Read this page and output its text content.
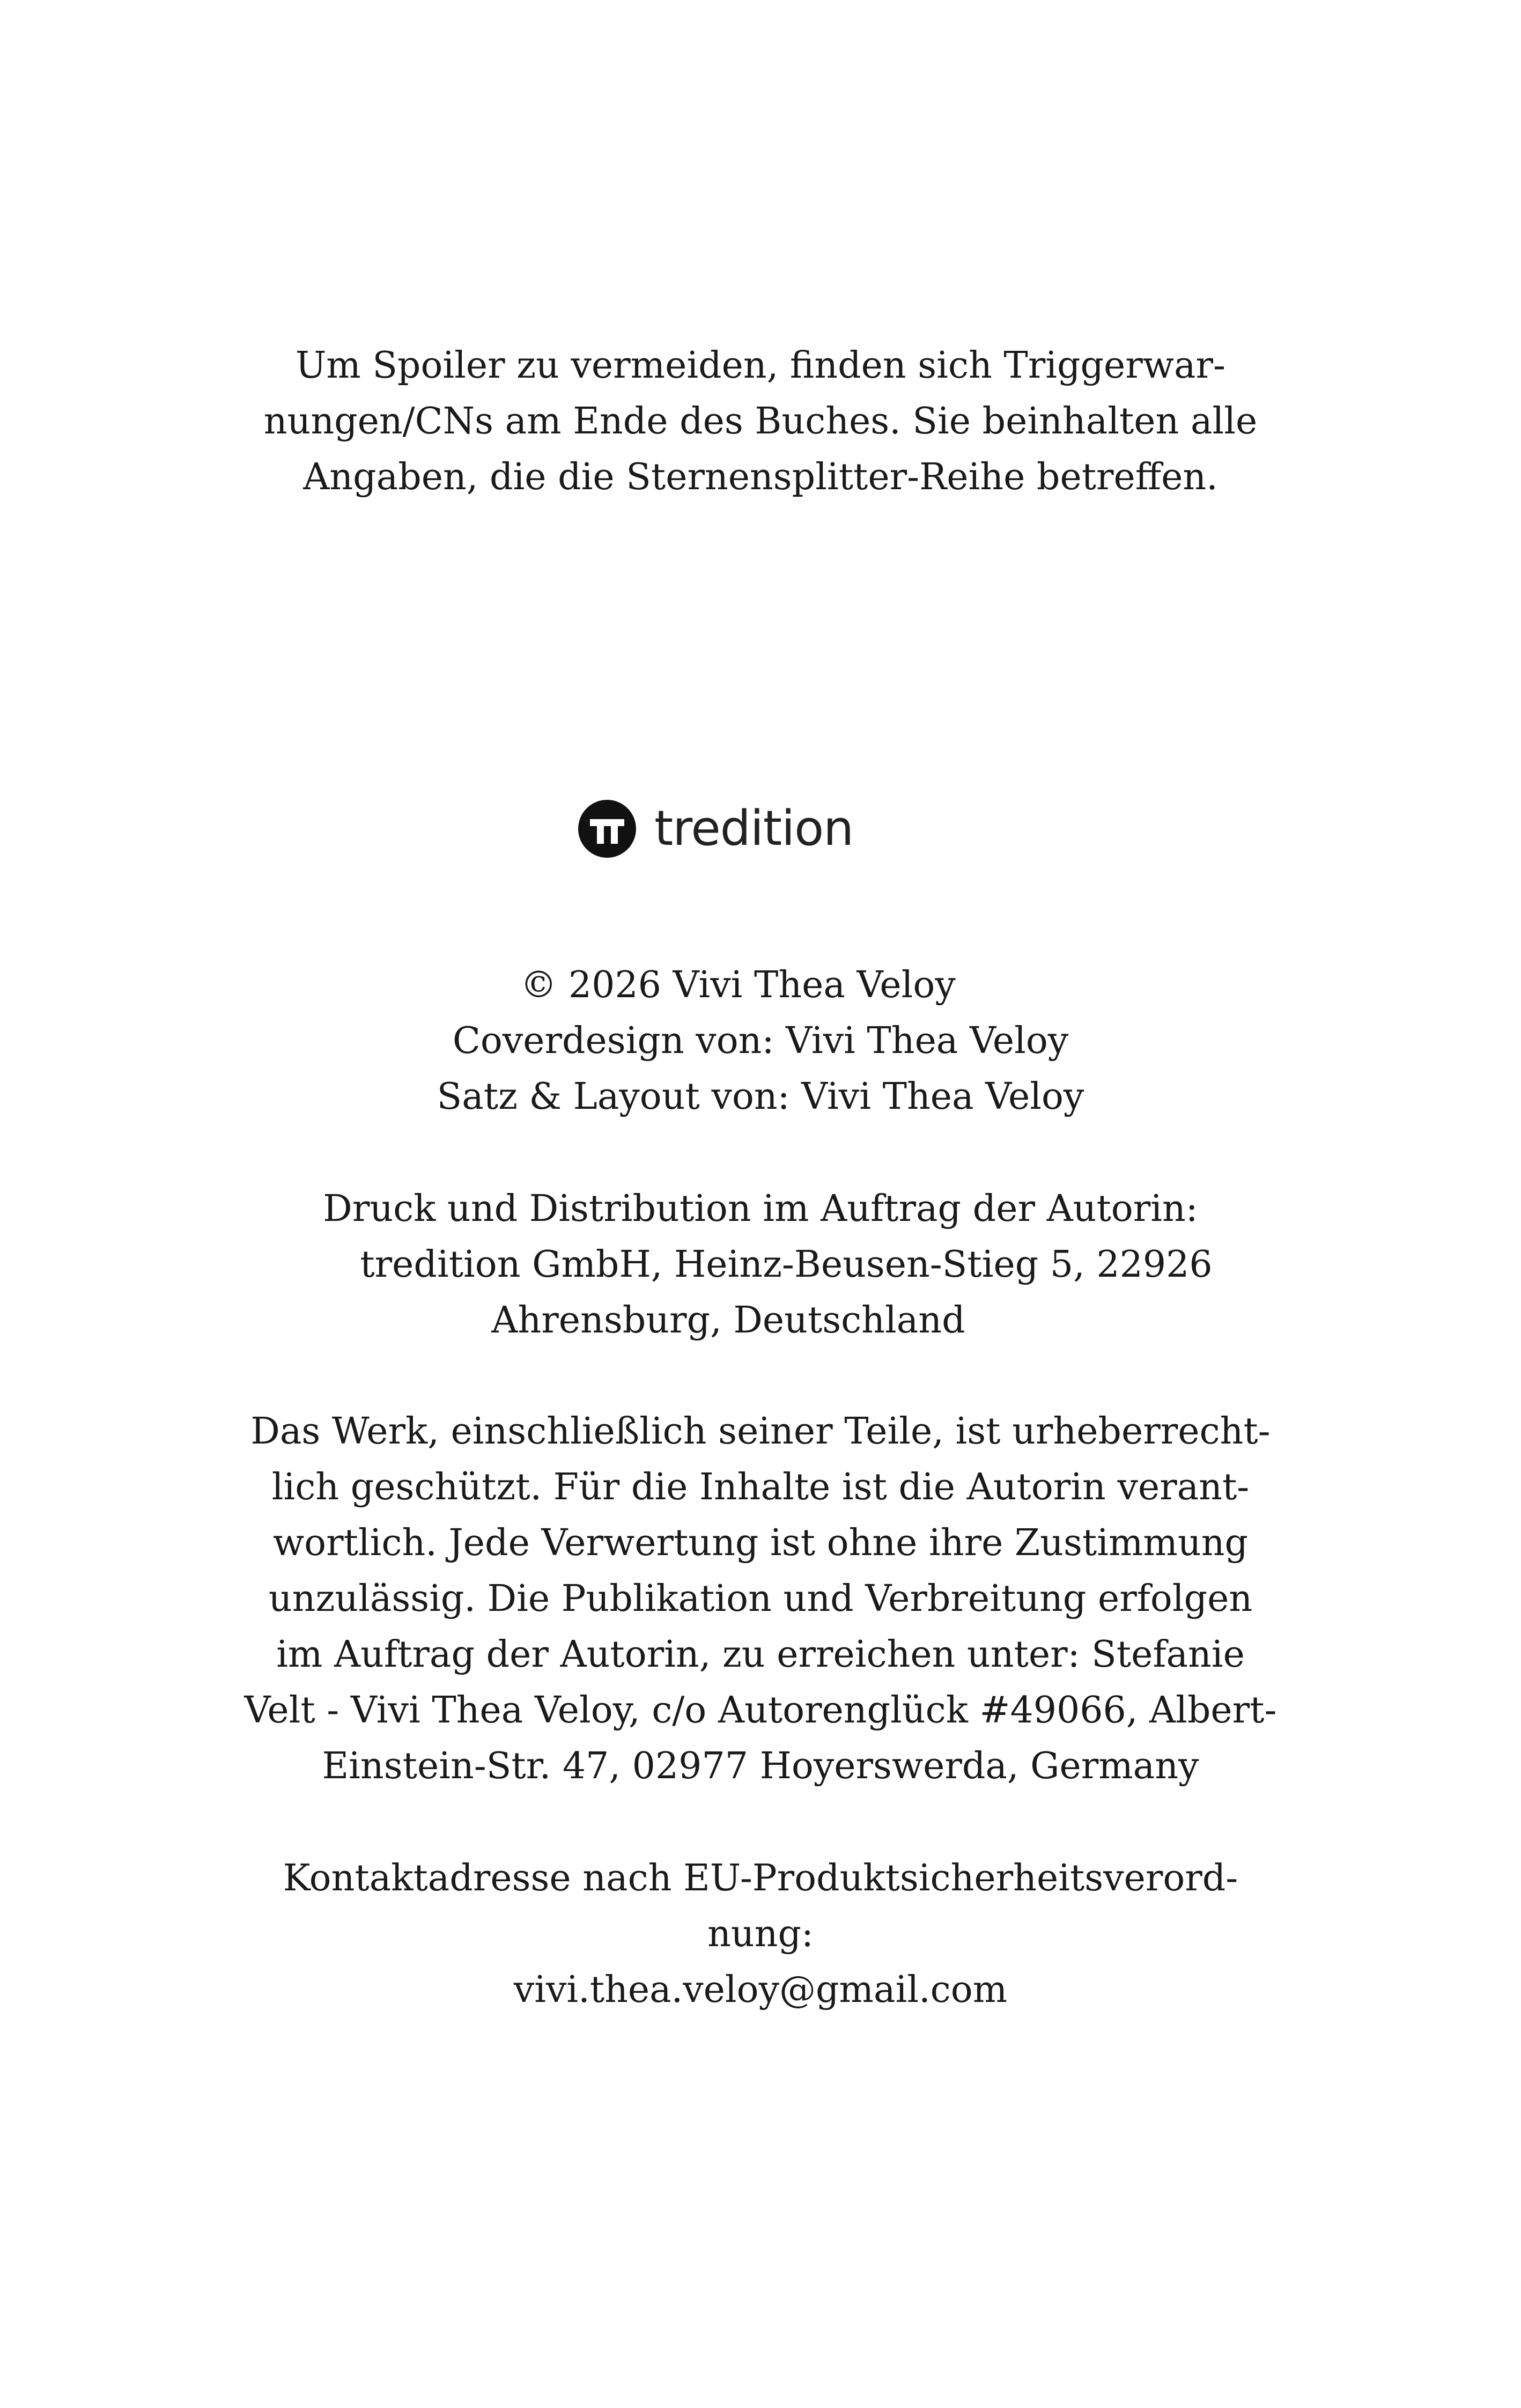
Um Spoiler zu vermeiden, finden sich Triggerwar-
nungen/CNs am Ende des Buches. Sie beinhalten alle
Angaben, die die Sternensplitter-Reihe betreffen.
tredition
© 2026 Vivi Thea Veloy
Coverdesign von: Vivi Thea Veloy
Satz & Layout von: Vivi Thea Veloy
Druck und Distribution im Auftrag der Autorin:
tredition GmbH, Heinz-Beusen-Stieg 5, 22926
Ahrensburg, Deutschland
Das Werk, einschließlich seiner Teile, ist urheberrecht-
lich geschützt. Für die Inhalte ist die Autorin verant-
wortlich. Jede Verwertung ist ohne ihre Zustimmung
unzulässig. Die Publikation und Verbreitung erfolgen
im Auftrag der Autorin, zu erreichen unter: Stefanie
Velt - Vivi Thea Veloy, c/o Autorenglück #49066, Albert-
Einstein-Str. 47, 02977 Hoyerswerda, Germany
Kontaktadresse nach EU-Produktsicherheitsverord-
nung:
vivi.thea.veloy@gmail.com
